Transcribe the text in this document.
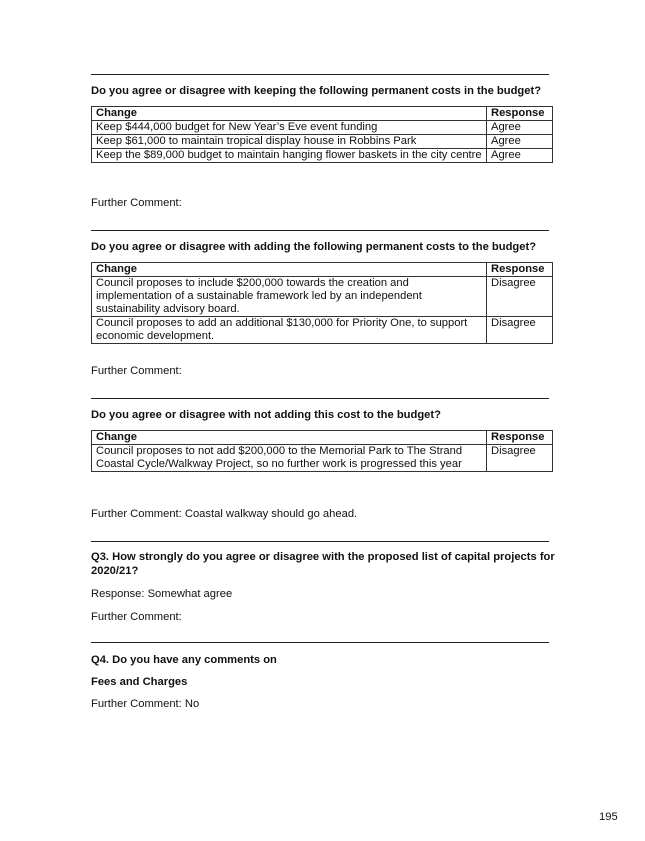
Do you agree or disagree with keeping the following permanent costs in the budget?

Change	Response
Keep $444,000 budget for New Year’s Eve event funding	Agree
Keep $61,000 to maintain tropical display house in Robbins Park	Agree
Keep the $89,000 budget to maintain hanging flower baskets in the city centre	Agree

Further Comment:

Do you agree or disagree with adding the following permanent costs to the budget?

Change	Response
Council proposes to include $200,000 towards the creation and implementation of a sustainable framework led by an independent sustainability advisory board.	Disagree
Council proposes to add an additional $130,000 for Priority One, to support economic development.	Disagree

Further Comment:

Do you agree or disagree with not adding this cost to the budget?

Change	Response
Council proposes to not add $200,000 to the Memorial Park to The Strand Coastal Cycle/Walkway Project, so no further work is progressed this year	Disagree

Further Comment: Coastal walkway should go ahead.

Q3. How strongly do you agree or disagree with the proposed list of capital projects for 2020/21?

Response: Somewhat agree

Further Comment:

Q4. Do you have any comments on

Fees and Charges

Further Comment: No

195
